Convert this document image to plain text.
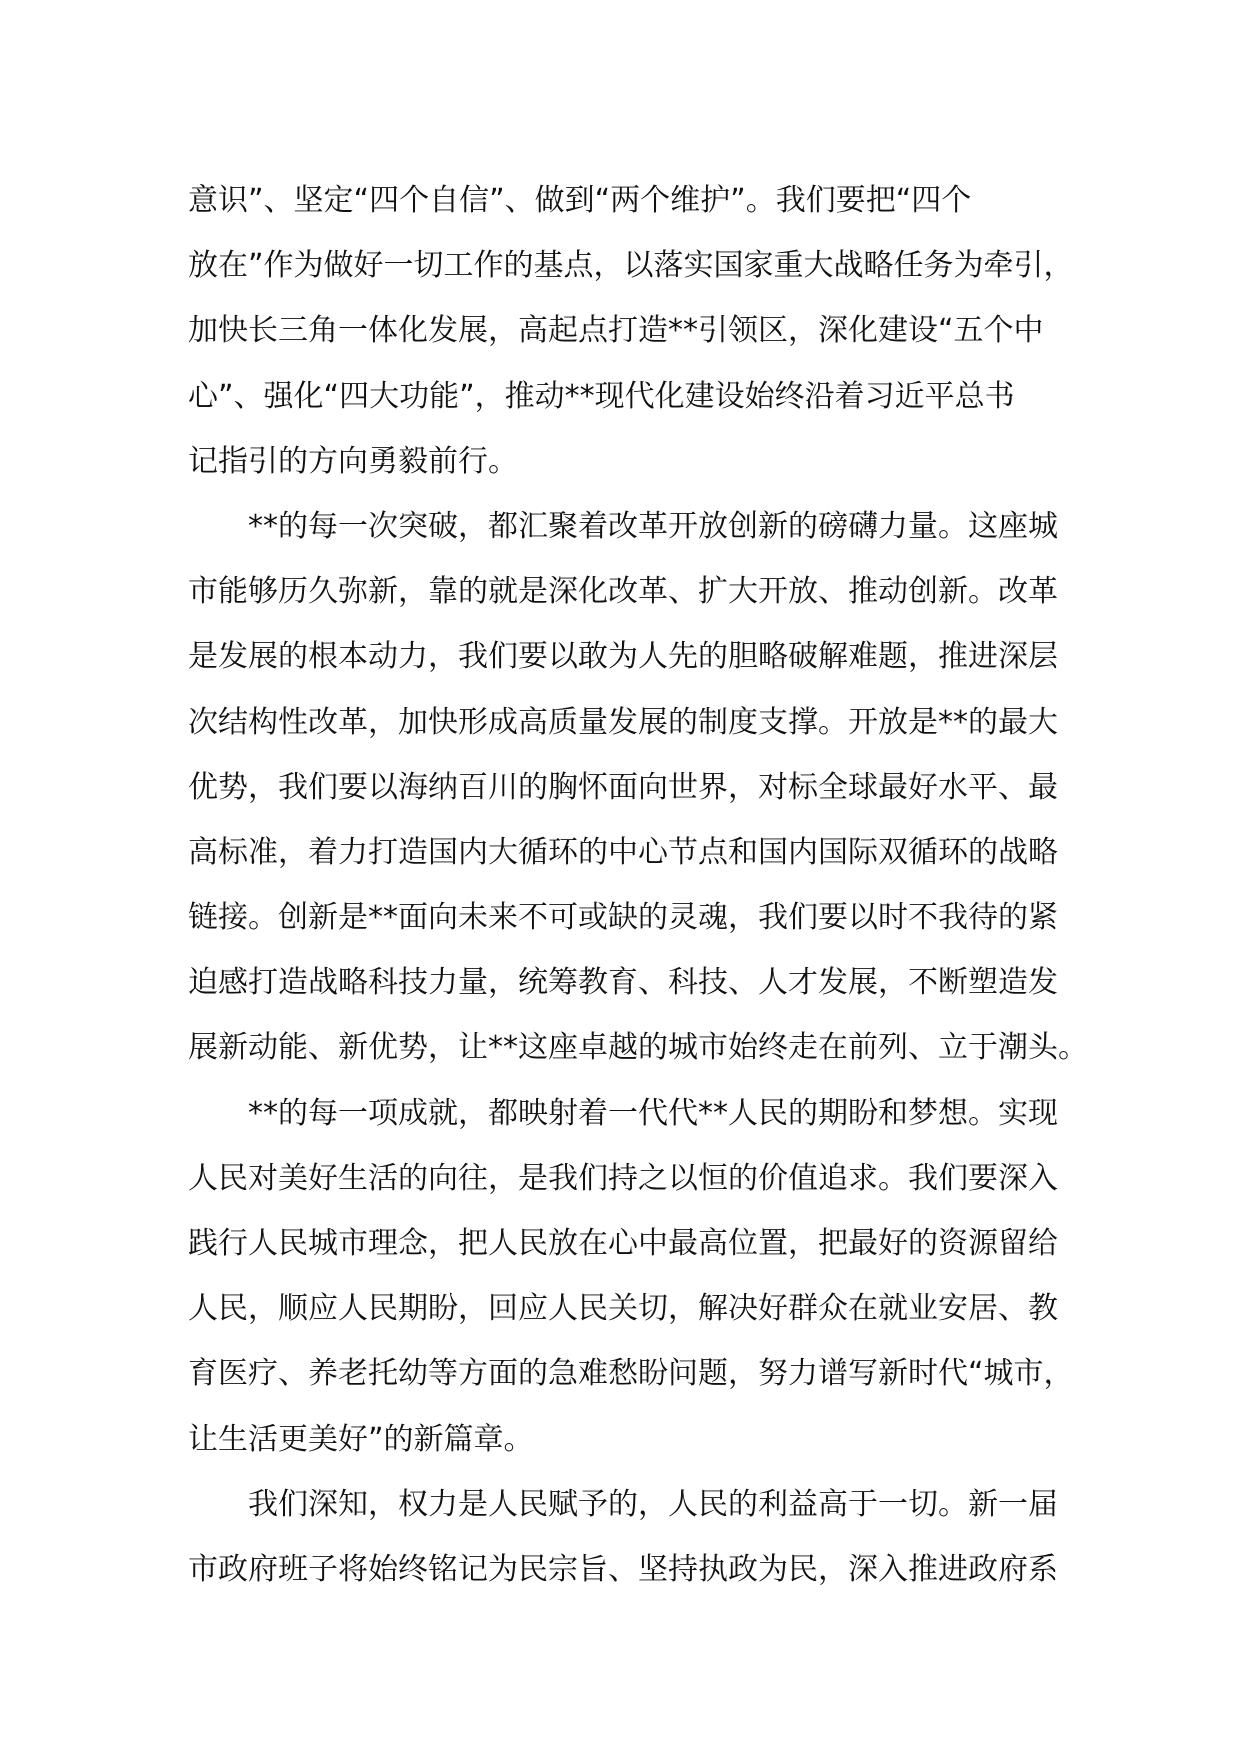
意识”、坚定“四个自信”、做到“两个维护”。我们要把“四个
放在”作为做好一切工作的基点，以落实国家重大战略任务为牵引，
加快长三角一体化发展，高起点打造**引领区，深化建设“五个中
心”、强化“四大功能”，推动**现代化建设始终沿着习近平总书
记指引的方向勇毅前行。
**的每一次突破，都汇聚着改革开放创新的磅礴力量。这座城
市能够历久弥新，靠的就是深化改革、扩大开放、推动创新。改革
是发展的根本动力，我们要以敢为人先的胆略破解难题，推进深层
次结构性改革，加快形成高质量发展的制度支撑。开放是**的最大
优势，我们要以海纳百川的胸怀面向世界，对标全球最好水平、最
高标准，着力打造国内大循环的中心节点和国内国际双循环的战略
链接。创新是**面向未来不可或缺的灵魂，我们要以时不我待的紧
迫感打造战略科技力量，统筹教育、科技、人才发展，不断塑造发
展新动能、新优势，让**这座卓越的城市始终走在前列、立于潮头。
**的每一项成就，都映射着一代代**人民的期盼和梦想。实现
人民对美好生活的向往，是我们持之以恒的价值追求。我们要深入
践行人民城市理念，把人民放在心中最高位置，把最好的资源留给
人民，顺应人民期盼，回应人民关切，解决好群众在就业安居、教
育医疗、养老托幼等方面的急难愁盼问题，努力谱写新时代“城市，
让生活更美好”的新篇章。
我们深知，权力是人民赋予的，人民的利益高于一切。新一届
市政府班子将始终铭记为民宗旨、坚持执政为民，深入推进政府系
